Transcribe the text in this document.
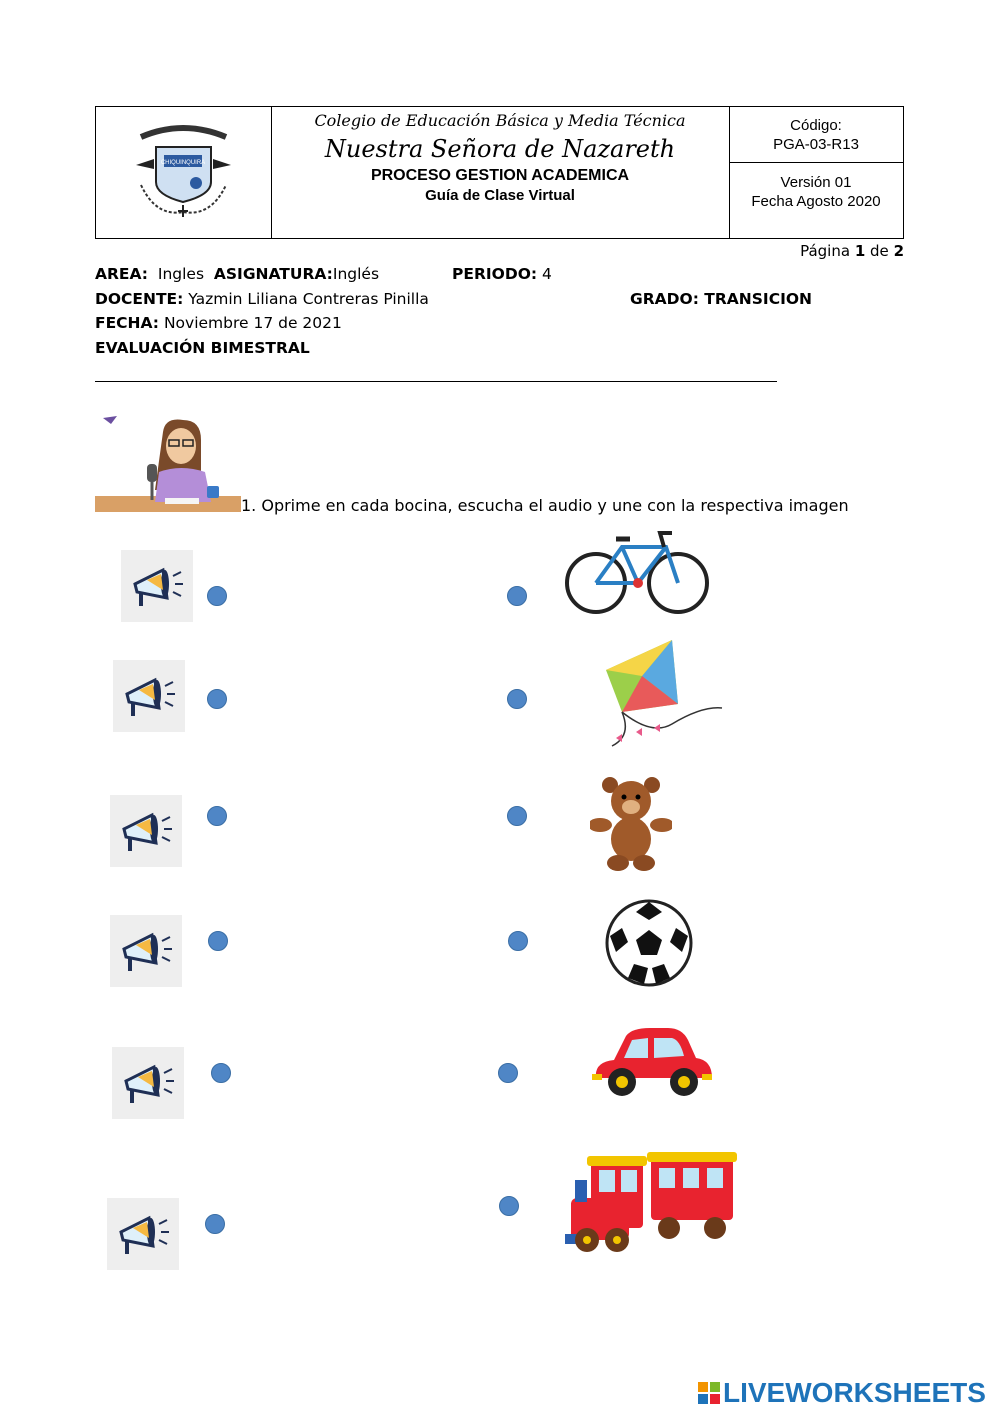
CHIQUINQUIRA
Colegio de Educación Básica y Media Técnica
Nuestra Señora de Nazareth
PROCESO GESTION ACADEMICA
Guía de Clase Virtual
Código:
PGA-03-R13
Versión 01
Fecha Agosto 2020
Página 1 de 2
AREA: Ingles ASIGNATURA:Inglés	PERIODO: 4
DOCENTE: Yazmin Liliana Contreras Pinilla	GRADO: TRANSICION
FECHA: Noviembre 17 de 2021
EVALUACIÓN BIMESTRAL
1. Oprime en cada bocina, escucha el audio y une con la respectiva imagen
LIVEWORKSHEETS
